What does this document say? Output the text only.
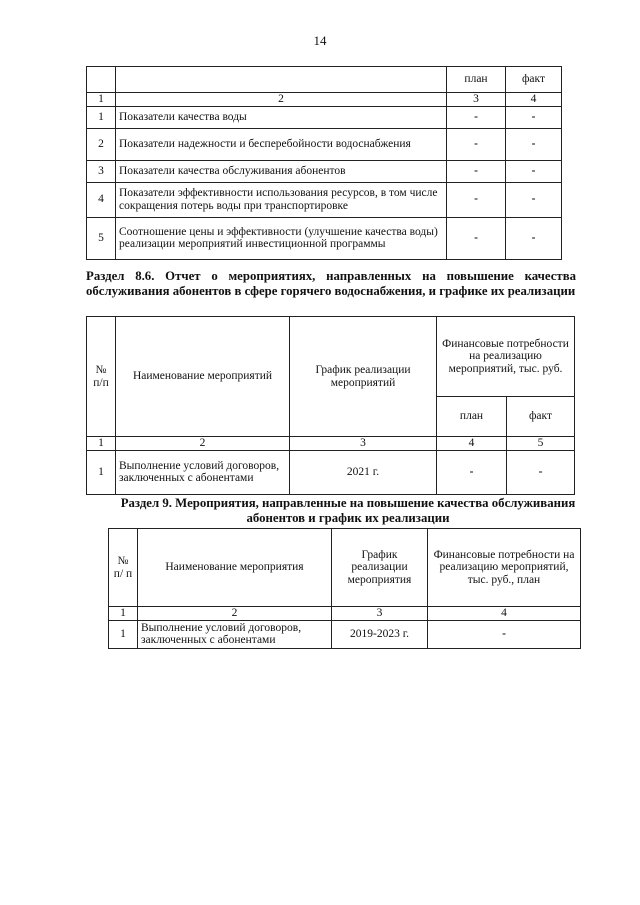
14
		план	факт
1	2	3	4
1	Показатели качества воды	-	-
2	Показатели надежности и бесперебойности водоснабжения	-	-
3	Показатели качества обслуживания абонентов	-	-
4	Показатели эффективности использования ресурсов, в том числе сокращения потерь воды при транспортировке	-	-
5	Соотношение цены и эффективности (улучшение качества воды) реализации мероприятий инвестиционной программы	-	-
Раздел 8.6. Отчет о мероприятиях, направленных на повышение качества обслуживания абонентов в сфере горячего водоснабжения, и графике их реализации
№ п/п	Наименование мероприятий	График реализации мероприятий	Финансовые потребности на реализацию мероприятий, тыс. руб.	
			план	факт
1	2	3	4	5
1	Выполнение условий договоров, заключенных с абонентами	2021 г.	-	-
Раздел 9. Мероприятия, направленные на повышение качества обслуживания абонентов и график их реализации
№ п/ п	Наименование мероприятия	График реализации мероприятия	Финансовые потребности на реализацию мероприятий, тыс. руб., план
1	2	3	4
1	Выполнение условий договоров, заключенных с абонентами	2019-2023 г.	-
